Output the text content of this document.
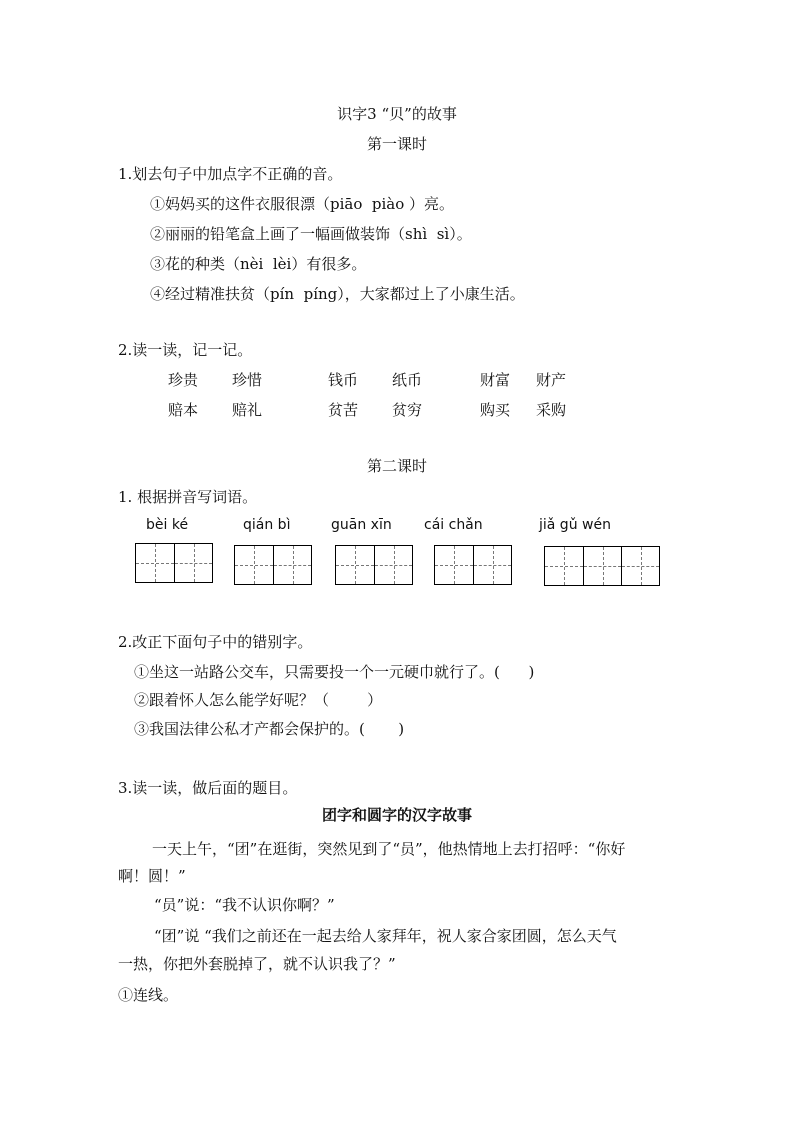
识字3 “贝”的故事
第一课时
1.划去句子中加点字不正确的音。
①妈妈买的这件衣服很漂（piāo  piào ）亮。
②丽丽的铅笔盒上画了一幅画做装饰（shì  sì）。
③花的种类（nèi  lèi）有很多。
④经过精准扶贫（pín  píng），大家都过上了小康生活。
2.读一读，记一记。
珍贵 珍惜	钱币 纸币	财富 财产
赔本 赔礼	贫苦 贫穷	购买 采购
第二课时
1. 根据拼音写词语。
bèi ké	qián bì	guān xīn cái chǎn	jiǎ gǔ wén
2.改正下面句子中的错别字。
①坐这一站路公交车，只需要投一个一元硬巾就行了。(      )
②跟着怀人怎么能学好呢？（        ）
③我国法律公私才产都会保护的。(       )
3.读一读，做后面的题目。
团字和圆字的汉字故事
一天上午，“团”在逛街，突然见到了“员”，他热情地上去打招呼：“你好
啊！圆！”
“员”说：“我不认识你啊？”
“团”说 “我们之前还在一起去给人家拜年，祝人家合家团圆，怎么天气
一热，你把外套脱掉了，就不认识我了？”
①连线。
